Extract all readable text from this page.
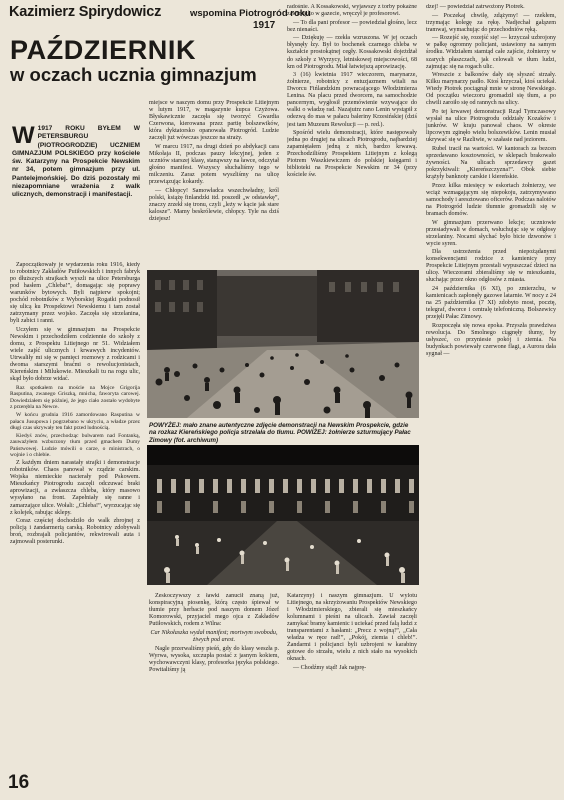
Kazimierz Spirydowicz	wspomina Piotrogród roku
1917
PAŹDZIERNIK
w oczach ucznia gimnazjum
W 1917 ROKU BYŁEM W PETERSBURGU (PIOTROGRODZIE) UCZNIEM GIMNAZJUM POLSKIEGO przy kościele św. Katarzyny na Prospekcie Newskim nr 34, potem gimnazjum przy ul. Pantelejmońskiej. Do dziś pozostały mi niezapomniane wrażenia z walk ulicznych, demonstracji i manifestacji.

Zapoczątkowały je wydarzenia roku 1916, kiedy to robotnicy Zakładów Putiłowskich i innych fabryk po dłuższych strajkach wyszli na ulice Petersburga pod hasłem „Chleba!”, domagając się poprawy warunków bytowych. Byli najpierw spokojni; pochód robotników z Wyborskiej Rogatki podnosił się ulicą ku Prospektowi Newskiemu i tam został zatrzymany przez wojsko. Zaczęła się strzelanina, byli zabici i ranni.

Uczyłem się w gimnazjum na Prospekcie Newskim i przechodziłem codziennie do szkoły z domu, z Prospektu Litiejnego nr 51. Widziałem wiele zajść ulicznych i krwawych incydentów. Utrwaliły mi się w pamięci rozmowy z rodzicami i dwoma starszymi braćmi o rewolucjonistach, Kiereńskim i Milukowie. Mieszkali tu na rogu ulic, skąd było dobrze widać.

Raz spotkałem na moście na Mojce Grigorija Rasputina, zwanego Griszką, mnicha, faworyta carowej. Dowiedziałem się później, że jego ciało zostało wydobyte z przerębla na Newce.

W końcu grudnia 1916 zamordowano Rasputina w pałacu Jusupowa i pogrzebano w ukryciu, a władze przez długi czas ukrywały ten fakt przed ludnością.

Kiedyś znów, przechodząc bulwarem nad Fontanką, zauważyłem wzburzony tłum przed gmachem Dumy Państwowej. Ludzie mówili o carze, o ministrach, o wojnie i o chlebie.

Z każdym dniem narastały strajki i demonstracje robotników. Chaos panował w rządzie carskim. Wojska niemieckie nacierały pod Pskowem. Mieszkańcy Piotrogrodu zaczęli odczuwać braki aprowizacji, a zwłaszcza chleba, który masowo wysyłano na front. Zapełniały się ranne i zamarzające ulice. Wołali: „Chleba!”, wyrzucając się z kolejek, rabując sklepy.

Coraz częściej dochodziło do walk zbrojnej z policją i żandarmerią carską. Robotnicy zdobywali broń, rozbrajali policjantów, rekwirowali auta i zajmowali posterunki.

miejsce w naszym domu przy Prospekcie Litiejnym w lutym 1917, w magazynie kupca Czyżowa. Błyskawicznie zaczęła się tworzyć Gwardia Czerwona, kierowana przez partię bolszewików, która dyktatorsko opanowała Piotrogród. Ludzie zaczęli już wówczas jeszcze na straży.

W marcu 1917, na drugi dzień po abdykacji cara Mikołaja II, podczas pauzy lekcyjnej, jeden z uczniów starszej klasy, stanąwszy na ławce, odczytał głośno manifest. Wszyscy słuchaliśmy tego w milczeniu. Zaraz potem wyszliśmy na ulicę przewiązując kokardy.

— Chłopcy! Samowładca wszechwładny, król polski, książę finlandzki itd. poszedł „w odstawkę”, znaczy zrzekł się tronu, czyli „leży w kącie jak stare kalosze”. Mamy beskrólewie, chłopcy. Tyle na dziś dziejesz!

radośnie. A Kossakowski, wyjawszy z torby pokaźne zawiniątko w gazecie, wręczył je profesorowi.

— To dla pani profesor — powiedział głośno, lecz bez nienaści.

— Dziękuję — rzekła wzruszona. W jej oczach błysnęły łzy. Był to bochenek czarnego chleba w kształcie prostokątnej cegły. Kossakowski dojeżdżał do szkoły z Wyrzycy, letniskowej miejscowości, 68 km od Piotrogrodu. Miał łatwiejszą aprowizację.

3 (16) kwietnia 1917 wieczorem, marynarze, żołnierze, robotnicy z entuzjazmem witali na Dworcu Fińlandzkim powracającego Włodzimierza Lenina. Na placu przed dworcem, na samochodzie pancernym, wygłosił przemówienie wzywające do walki o władzę rad. Nazajutrz rano Lenin wystąpił z odezwą do mas w pałacu baleriny Krzesińskiej (dziś jest tam Muzeum Rewolucji — p. red.).

Spośród wielu demonstracji, które następowały jedna po drugiej na ulicach Piotrogrodu, najbardziej zapamiętałem jedną z nich, bardzo krwawą. Przechodziliśmy Prospektem Litiejnym z kolegą Piotrem Waszkiewiczem do polskiej księgarni i biblioteki na Prospekcie Newskim nr 34 (przy kościele św.

dzej! — powiedział zatrwożony Piotrek.

— Poczekaj chwilę, zdążymy! — rzekłem, trzymając kolegę za rękę. Nadjechał gałązem tramwaj, wymachując do przechodniów ręką.

— Rozejść się, rozejść się! — krzyczał uzbrojony w pałkę ogromny policjant, ustawiony na samym środku. Widziałem stamtąd całe zajście, żołnierzy w szarych płaszczach, jak celowali w tłum ludzi, zajmując się na rogach ulic.

Wreszcie z balkonów dały się słyszeć strzały. Kilku marynarzy padło. Ktoś krzyczał, ktoś uciekał. Wtedy Piotrek pociągnął mnie w stronę Newskiego. Od początku wieczoru gromadził się tłum, a po chwili zaroiło się od rannych na ulicy.

Po tej krwawej demonstracji Rząd Tymczasowy wysłał na ulice Piotrogrodu oddziały Kozaków i junkrów. W kraju panował chaos. W okresie lipcowym zginęło wielu bolszewików. Lenin musiał ukrywać się w Razliwie, w szałasie nad jeziorem.

Rubel tracił na wartości. W kantorach za bezcen sprzedawano kosztowności, w sklepach brakowało żywności. Na ulicach sprzedawcy gazet pokrzykiwali: „Kiereńszczyzna!”. Obok siebie krążyły banknoty carskie i kiereńskie.

Przez kilka miesięcy w eskortach żołnierzy, we wciąż wzmagającym się niepokoju, zatrzymywano samochody i aresztowano oficerów. Podczas nalotów na Piotrogród ludzie tłumnie gromadzili się w bramach domów.

W gimnazjum przerwano lekcje; uczniowie przesiadywali w domach, wsłuchując się w odgłosy strzelaniny. Nocami słychać było bicie dzwonów i wycie syren.

Dla ustrzeżenia przed niepożądanymi konsekwencjami rodzice z kamienicy przy Prospekcie Litiejnym przestali wypuszczać dzieci na ulicę. Wieczorami zbieraliśmy się w mieszkaniu, słuchając przez okno odgłosów z miasta.

24 października (6 XI), po zmierzchu, w kamienicach zapłonęły gazowe latarnie. W nocy z 24 na 25 października (7 XI) zdobyto most, pocztę, telegraf, dworce i centralę telefoniczną. Bolszewicy przejęli Pałac Zimowy.

Rozpoczęła się nowa epoka. Przyszła prawdziwa rewolucja. Do Smolnego ciągnęły tłumy, by usłyszeć, co przyniesie pokój i ziemia. Na budynkach powiewały czerwone flagi, a Aurora dała sygnał —

POWYŻEJ: mało znane autentyczne zdjęcie demonstracji na Newskim Prospekcie, gdzie na rozkaz Kiereńskiego policja strzelała do tłumu. POWIŻEJ: żołnierze szturmujący Pałac Zimowy (fot. archiwum)

Zeskoczywszy z ławki zanucił znaną już, konspiracyjną piosenkę, którą często śpiewał w tłumie przy herbacie pod naszym domem Józef Komorowski, przyjaciel mego ojca z Zakładów Putiłowskich, rodem z Wilna:

Car Nikołaszka wydał manifest; mortwym swobodu, żiwych pod arest.

Nagle przerwaliśmy pieśń, gdy do klasy weszła p. Wyrwa, wysoka, szczupła postać z jasnym kokiem, wychowawczyni klasy, profesorka języka polskiego. Powitaliśmy ją

Katarzyny) i naszym gimnazjum. U wylotu Litiejnego, na skrzyżowaniu Prospektów Newskiego i Włodzimierskiego, zbierali się mieszkańcy kolumnami i pieśni na ulicach. Zawiał zaczęli zamykać bramy kamienic i uciekać przed falą ludzi z transparentami z hasłami: „Precz z wojną!”, „Cała władza w ręce rad!”, „Pokój, ziemia i chleb!”. Żandarmi i policjanci byli uzbrojeni w karabiny gotowe do strzału, wielu z nich stało na wysokich oknach.

— Chodźmy stąd! Jak najprę-

16
